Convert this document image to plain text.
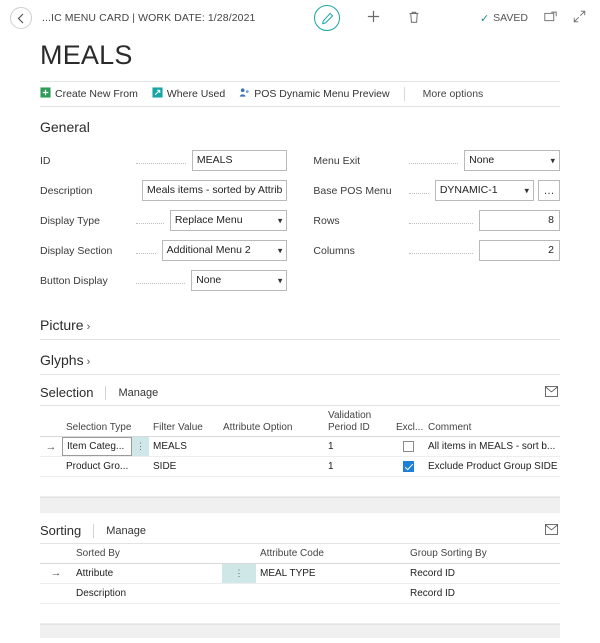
...IC MENU CARD | WORK DATE: 1/28/2021	✓ SAVED
MEALS
Create New From	Where Used	POS Dynamic Menu Preview	More options
General
ID	MEALS
Description	Meals items - sorted by Attrib
Display Type	Replace Menu ▾
Display Section	Additional Menu 2 ▾
Button Display	None ▾
Menu Exit	None ▾
Base POS Menu	DYNAMIC-1 ▾	…
Rows	8
Columns	2
Picture ›
Glyphs ›
Selection Manage
	Selection Type		Filter Value	Attribute Option	Validation Period ID	Excl...	Comment
→	Item Categ...	⋮	MEALS		1		All items in MEALS - sort b...

Product Gro...		SIDE		1		Exclude Product Group SIDE

Sorting Manage
	Sorted By		Attribute Code	Group Sorting By
→	Attribute	⋮	MEAL TYPE	Record ID

Description			Record ID
